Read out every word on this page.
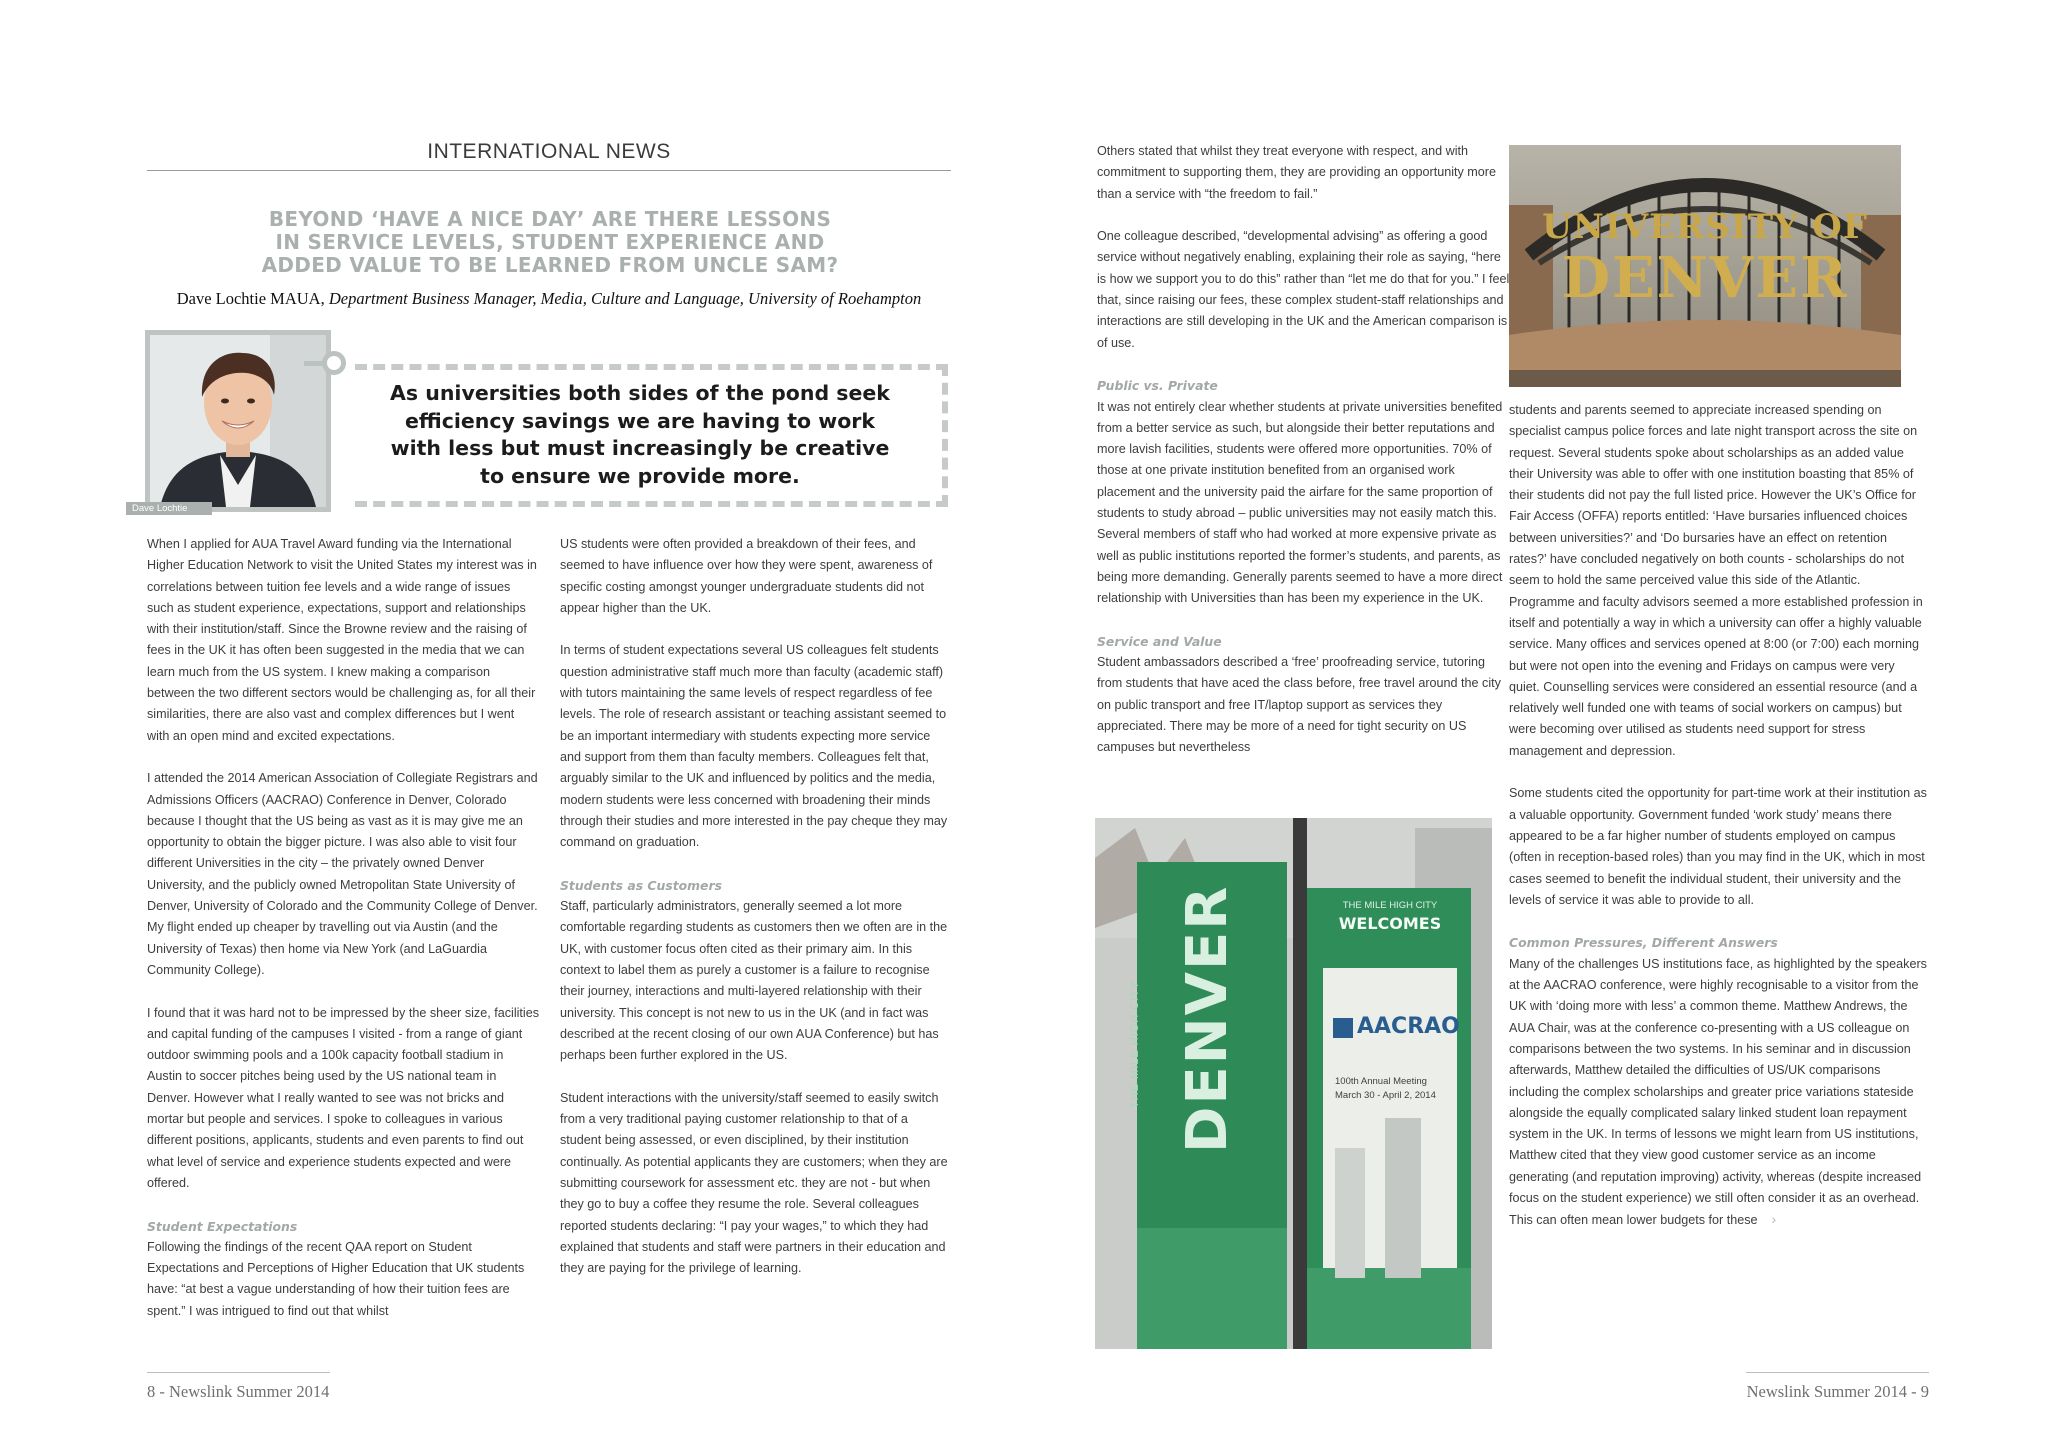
INTERNATIONAL NEWS
BEYOND ‘HAVE A NICE DAY’ ARE THERE LESSONS
IN SERVICE LEVELS, STUDENT EXPERIENCE AND
ADDED VALUE TO BE LEARNED FROM UNCLE SAM?
Dave Lochtie MAUA, Department Business Manager, Media, Culture and Language, University of Roehampton
Dave Lochtie
As universities both sides of the pond seek
efficiency savings we are having to work
with less but must increasingly be creative
to ensure we provide more.

When I applied for AUA Travel Award funding via the International Higher Education Network to visit the United States my interest was in correlations between tuition fee levels and a wide range of issues such as student experience, expectations, support and relationships with their institution/staff. Since the Browne review and the raising of fees in the UK it has often been suggested in the media that we can learn much from the US system. I knew making a comparison between the two different sectors would be challenging as, for all their similarities, there are also vast and complex differences but I went with an open mind and excited expectations.

I attended the 2014 American Association of Collegiate Registrars and Admissions Officers (AACRAO) Conference in Denver, Colorado because I thought that the US being as vast as it is may give me an opportunity to obtain the bigger picture. I was also able to visit four different Universities in the city – the privately owned Denver University, and the publicly owned Metropolitan State University of Denver, University of Colorado and the Community College of Denver. My flight ended up cheaper by travelling out via Austin (and the University of Texas) then home via New York (and LaGuardia Community College).

I found that it was hard not to be impressed by the sheer size, facilities and capital funding of the campuses I visited - from a range of giant outdoor swimming pools and a 100k capacity football stadium in Austin to soccer pitches being used by the US national team in Denver. However what I really wanted to see was not bricks and mortar but people and services. I spoke to colleagues in various different positions, applicants, students and even parents to find out what level of service and experience students expected and were offered.

Student Expectations

Following the findings of the recent QAA report on Student Expectations and Perceptions of Higher Education that UK students have: “at best a vague understanding of how their tuition fees are spent.” I was intrigued to find out that whilst

US students were often provided a breakdown of their fees, and seemed to have influence over how they were spent, awareness of specific costing amongst younger undergraduate students did not appear higher than the UK.

In terms of student expectations several US colleagues felt students question administrative staff much more than faculty (academic staff) with tutors maintaining the same levels of respect regardless of fee levels. The role of research assistant or teaching assistant seemed to be an important intermediary with students expecting more service and support from them than faculty members. Colleagues felt that, arguably similar to the UK and influenced by politics and the media, modern students were less concerned with broadening their minds through their studies and more interested in the pay cheque they may command on graduation.

Students as Customers

Staff, particularly administrators, generally seemed a lot more comfortable regarding students as customers then we often are in the UK, with customer focus often cited as their primary aim. In this context to label them as purely a customer is a failure to recognise their journey, interactions and multi-layered relationship with their university. This concept is not new to us in the UK (and in fact was described at the recent closing of our own AUA Conference) but has perhaps been further explored in the US.

Student interactions with the university/staff seemed to easily switch from a very traditional paying customer relationship to that of a student being assessed, or even disciplined, by their institution continually. As potential applicants they are customers; when they are submitting coursework for assessment etc. they are not - but when they go to buy a coffee they resume the role. Several colleagues reported students declaring: “I pay your wages,” to which they had explained that students and staff were partners in their education and they are paying for the privilege of learning.

8 - Newslink Summer 2014

Others stated that whilst they treat everyone with respect, and with commitment to supporting them, they are providing an opportunity more than a service with “the freedom to fail.”

One colleague described, “developmental advising” as offering a good service without negatively enabling, explaining their role as saying, “here is how we support you to do this” rather than “let me do that for you.” I feel that, since raising our fees, these complex student-staff relationships and interactions are still developing in the UK and the American comparison is of use.

Public vs. Private

It was not entirely clear whether students at private universities benefited from a better service as such, but alongside their better reputations and more lavish facilities, students were offered more opportunities. 70% of those at one private institution benefited from an organised work placement and the university paid the airfare for the same proportion of students to study abroad – public universities may not easily match this. Several members of staff who had worked at more expensive private as well as public institutions reported the former’s students, and parents, as being more demanding. Generally parents seemed to have a more direct relationship with Universities than has been my experience in the UK.

Service and Value

Student ambassadors described a ‘free’ proofreading service, tutoring from students that have aced the class before, free travel around the city on public transport and free IT/laptop support as services they appreciated. There may be more of a need for tight security on US campuses but nevertheless

UNIVERSITY OF
DENVER

students and parents seemed to appreciate increased spending on specialist campus police forces and late night transport across the site on request. Several students spoke about scholarships as an added value their University was able to offer with one institution boasting that 85% of their students did not pay the full listed price. However the UK’s Office for Fair Access (OFFA) reports entitled: ‘Have bursaries influenced choices between universities?’ and ‘Do bursaries have an effect on retention rates?’ have concluded negatively on both counts - scholarships do not seem to hold the same perceived value this side of the Atlantic. Programme and faculty advisors seemed a more established profession in itself and potentially a way in which a university can offer a highly valuable service. Many offices and services opened at 8:00 (or 7:00) each morning but were not open into the evening and Fridays on campus were very quiet. Counselling services were considered an essential resource (and a relatively well funded one with teams of social workers on campus) but were becoming over utilised as students need support for stress management and depression.

Some students cited the opportunity for part-time work at their institution as a valuable opportunity. Government funded ‘work study’ means there appeared to be a far higher number of students employed on campus (often in reception-based roles) than you may find in the UK, which in most cases seemed to benefit the individual student, their university and the levels of service it was able to provide to all.

Common Pressures, Different Answers

Many of the challenges US institutions face, as highlighted by the speakers at the AACRAO conference, were highly recognisable to a visitor from the UK with ‘doing more with less’ a common theme. Matthew Andrews, the AUA Chair, was at the conference co-presenting with a US colleague on comparisons between the two systems. In his seminar and in discussion afterwards, Matthew detailed the difficulties of US/UK comparisons including the complex scholarships and greater price variations stateside alongside the equally complicated salary linked student loan repayment system in the UK. In terms of lessons we might learn from US institutions, Matthew cited that they view good customer service as an income generating (and reputation improving) activity, whereas (despite increased focus on the student experience) we still often consider it as an overhead. This can often mean lower budgets for these ›

THE MILE HIGH CITY DENVER	THE MILE HIGH CITY
WELCOMES
AACRAO
100th Annual Meeting
March 30 - April 2, 2014
Newslink Summer 2014 - 9
